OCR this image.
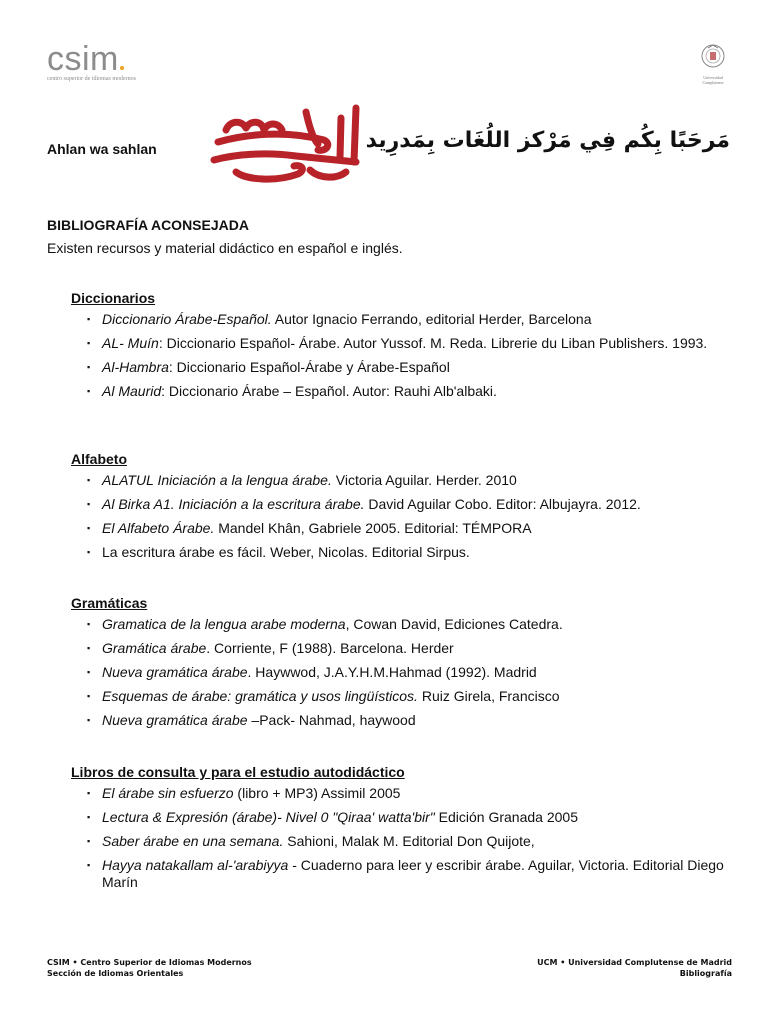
csim
centro superior de idiomas modernos	Universidad Complutense
Ahlan wa sahlan	مَرحَبًا بِكُم فِي مَرْكز اللُغَات بِمَدرِيد
BIBLIOGRAFÍA ACONSEJADA
Existen recursos y material didáctico en español e inglés.
Diccionarios
▪ Diccionario Árabe-Español. Autor Ignacio Ferrando, editorial Herder, Barcelona
▪ AL- Muín: Diccionario Español- Árabe. Autor Yussof. M. Reda. Librerie du Liban Publishers. 1993.
▪ Al-Hambra: Diccionario Español-Árabe y Árabe-Español
▪ Al Maurid: Diccionario Árabe – Español. Autor: Rauhi Alb'albaki.
Alfabeto
▪ ALATUL Iniciación a la lengua árabe. Victoria Aguilar. Herder. 2010
▪ Al Birka A1. Iniciación a la escritura árabe. David Aguilar Cobo. Editor: Albujayra. 2012.
▪ El Alfabeto Árabe. Mandel Khân, Gabriele 2005. Editorial: TÉMPORA
▪ La escritura árabe es fácil. Weber, Nicolas. Editorial Sirpus.
Gramáticas
▪ Gramatica de la lengua arabe moderna, Cowan David, Ediciones Catedra.
▪ Gramática árabe. Corriente, F (1988). Barcelona. Herder
▪ Nueva gramática árabe. Haywwod, J.A.Y.H.M.Hahmad (1992). Madrid
▪ Esquemas de árabe: gramática y usos lingüísticos. Ruiz Girela, Francisco
▪ Nueva gramática árabe –Pack- Nahmad, haywood
Libros de consulta y para el estudio autodidáctico
▪ El árabe sin esfuerzo (libro + MP3) Assimil 2005
▪ Lectura & Expresión (árabe)- Nivel 0 "Qiraa' watta'bir" Edición Granada 2005
▪ Saber árabe en una semana. Sahioni, Malak M. Editorial Don Quijote,
▪ Hayya natakallam al-'arabiyya - Cuaderno para leer y escribir árabe. Aguilar, Victoria. Editorial Diego Marín
CSIM • Centro Superior de Idiomas Modernos
Sección de Idiomas Orientales
UCM • Universidad Complutense de Madrid
Bibliografía
